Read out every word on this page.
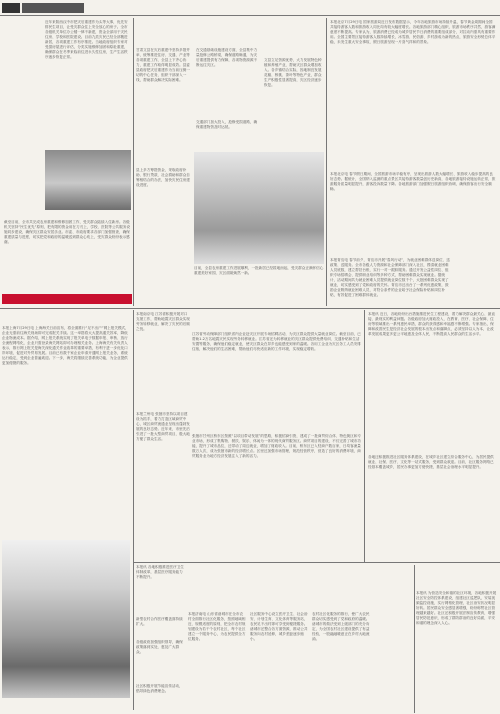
近年来陕西汉中市把灾后重建作为头等大事，优先安排民生项目，让受灾群众住上安全放心的房子。全市各级机关单位办公楼一律不新建，资金全部用于灾民住房、学校和医院建设。目前九类灾民已经全部搬进新居，各项重建工作有序推进。当地政府组织专家对受损房屋进行评估，分类实施维修加固和原址重建，确保群众在冬季来临前住进永久性住房，生产生活秩序逐步恢复正常。
截至目前，全市共完成农房重建和维修加固工作，受灾群众陆续入住新房。各级机关坚持“民生优先”原则，把有限的资金用在刀刃上，学校、医院等公共服务设施同步建设，确保灾区群众安居乐业。市委、市政府要求各部门加强督查，确保重建质量与进度，切实把党和政府的温暖送到群众心坎上，受灾群众纷纷表示感谢。
甘肃文县在灾后重建中坚持多措并举，统筹推进住房、交通、产业等各项重建工作，全县上下齐心协力，重建工作取得明显成效。县委县政府把灾后重建作为当前压倒一切的中心任务，组织干部深入一线，帮助群众解决实际困难。
县上多方筹措资金，采取政府补助、银行贷款、社会捐助和群众自筹相结合的办法，加快灾民住房建设进度。
在交通基础设施建设方面，全县集中力量抢修公路桥梁，确保道路畅通，为灾后重建提供有力保障，各项物资源源不断运往灾区。
交通部门加大投入，抢修受损道路，确保重建物资及时运抵。
文县立足资源优势，大力发展特色种植和养殖产业，帮助灾区群众增加收入。各乡镇结合实际，因地制宜发展花椒、核桃、茶叶等特色产业，群众生产积极性显著提高，灾区经济逐步恢复。
目前，全县农房重建工作进展顺利，一批新居已经拔地而起，受灾群众正满怀信心重建美好家园，灾区面貌焕然一新。
本报北京7月29日电 国家旅游局近日发布数据显示，今年各地旅游市场持续升温，春节黄金周期间全国共接待游客人数和旅游收入同比均有较大幅度增长。各地旅游部门精心组织，旅游市场秩序井然，游客满意度不断提高。专家认为，旅游消费已经成为城乡居民节日消费的重要组成部分，对拉动内需具有重要作用。全国主要景区接待游客人数持续增长，冰雪游、民俗游、乡村游成为新的热点，旅游安全形势总体平稳，未发生重大安全事故，假日旅游呈现一片喜气祥和的景象。
本报北京电 春节假日期间，全国旅游市场平稳有序，呈现出旅游人数大幅增长、旅游收入稳步提高的良好态势。据统计，全国纳入监测的重点景区共接待游客数量创历史新高，各地旅游接待设施运转正常，旅游服务质量明显提升，游客投诉数量下降。各地旅游部门加强假日旅游组织协调，确保游客出行安全顺畅。
本报青岛电 春节前夕，青岛市开展“春风行动”，为就业困难群体送岗位、送政策、送服务。全市各级人力资源和社会保障部门深入社区，摸清就业困难人员底数，建立帮扶台账，实行一对一跟踪服务。通过开发公益性岗位、组织专场招聘会、提供职业培训等多种方式，帮助困难群众实现就业。据统计，活动期间共为就业困难人员提供就业岗位数千个，大批困难群众实现了就业，切实感受到了党和政府的关怀。青岛市还出台了一系列优惠政策，鼓励企业吸纳就业困难人员，对符合条件的企业给予社会保险补贴和岗位补贴，有效促进了困难群体就业。
本报上海7月29日电 上海海关日前宣布，将全面推行“足不出户”网上报关模式，企业无需前往海关现场即可完成报关手续。这一举措将大大提高通关效率，降低企业物流成本。据介绍，网上报关系统实现了报关单电子数据申报、审核、放行全流程网络化，企业只需登录海关网站即可办理相关业务。上海海关有关负责人表示，推行网上报关是海关深化通关作业改革的重要举措，有利于进一步优化口岸环境，促进对外贸易发展。目前已有数千家企业申请开通网上报关业务，系统运行稳定，受到企业普遍欢迎。下一步，海关将继续完善系统功能，为企业提供更加便捷的服务。
本报南京电 江苏省积极开展对口支援工作，帮助地震灾区群众实现劳务转移就业，解决了灾民的后顾之忧。
江苏省劳动保障部门组织省内企业赴灾区开展专场招聘活动，为灾区群众提供大量就业岗位。截至目前，已帮助1.2万名地震灾民实现劳务转移就业。江苏省还为转移就业的灾区群众提供免费培训、交通补贴和生活安置等服务，确保他们稳定就业，使灾区群众在异乡也能感受到家的温暖。各用工企业为灾区务工人员安排住宿，解决他们的生活困难，帮助他们尽快适应新的工作环境，实现稳定增收。
本报兰州电 张掖市坚持以项目建设为抓手，着力打造区域商贸中心，城区商贸流通业呈现出蓬勃发展的良好态势。近年来，市里先后引进了一批大型商贸项目，极大地方便了群众生活。
张掖市甘州区桥东区按照“以项目带动发展”的思路，积极招商引资，建成了一批商贸综合体、特色街区和专业市场，形成了集购物、餐饮、娱乐、休闲为一体的现代商贸服务区。商贸项目的建设，不仅完善了城市功能，提升了城市品位，还带动了周边就业，增加了财政收入。目前，桥东区已入驻商户数百家，日均客流量数万人次，成为张掖市新的经济增长点。区里还加强市场管理，规范经营秩序，营造了良好的消费环境，商贸服务业为地方经济发展注入了新的活力。
本报讯 近日，各地纷纷出台措施推进民生工程建设，着力解决群众最关心、最直接、最现实的利益问题。各级政府加大财政投入，在教育、医疗、社会保障、住房等领域推出一系列惠民举措，群众的获得感和幸福感不断增强。专家指出，保障和改善民生是经济社会发展的根本出发点和落脚点，必须坚持以人为本，让改革发展成果更多更公平地惠及全体人民，不断提高人民群众的生活水平。
各地还积极推进社区服务体系建设，在城乡社区建立综合服务中心，为居民提供就业、社保、医疗、文化等一站式服务，受到群众欢迎。目前，社区服务网络已经基本覆盖城乡，居民办事更加方便快捷，基层社会治理水平明显提升。
本报讯 各地积极推进医疗卫生体制改革，基层医疗服务能力不断提升。
新型农村合作医疗覆盖面持续扩大。
各级政府加强组织领导，确保政策落到实处，惠及广大群众。
社区积极开展节能宣传活动，倡导绿色消费理念。
本报济南电 山东省诸城市在全市农村全面推行社区化服务，按照地域相近、规模适度的原则，把全市农村规划建设为若干个农村社区，每个社区建立一个服务中心，为农民提供全方位服务。
社区服务中心设立医疗卫生、社会治安、计划生育、文化体育等服务站，农民足不出村即可享受到便捷服务。诸城市还整合各方面资源，推动公共服务向农村延伸，城乡差距逐步缩小。
农村社区化服务的推行，使广大农民群众切实感受到了党和政府的温暖。诸城市的做法受到上级部门的充分肯定，为全国农村社区建设提供了有益经验，一股融融暖意正在乡村大地流淌。
本报讯 为营造安全和谐的社区环境，各地积极开展社区安全防控体系建设，组建社区巡逻队，安装视频监控设施，实行网格化管理，社区治安状况明显好转。居民群众安全感显著增强，纷纷称赞社区管理越来越好。社区还积极开展法制宣传教育，增强居民防范意识，形成了群防群治的良好局面，平安和谐的理念深入人心。
